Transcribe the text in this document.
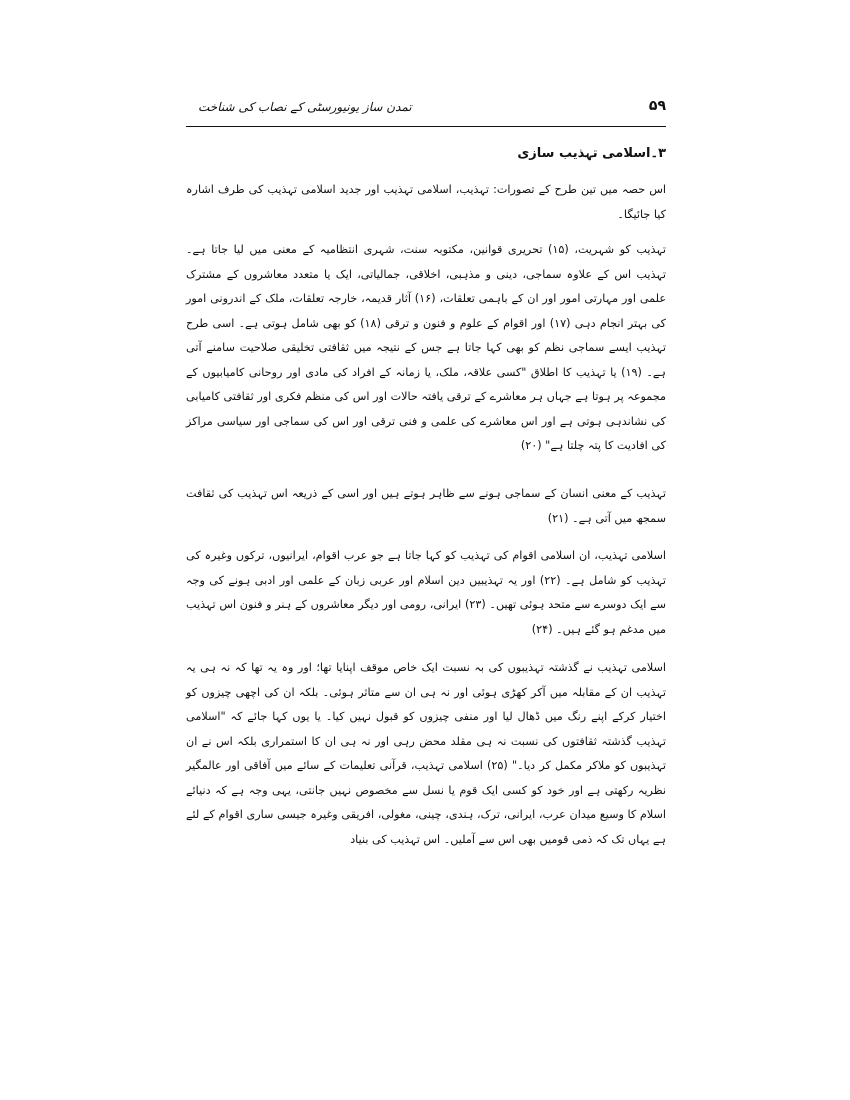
۵۹
تمدن ساز یونیورسٹی کے نصاب کی شناخت
۳۔اسلامی تہذیب سازی
اس حصہ میں تین طرح کے تصورات: تہذیب، اسلامی تہذیب اور جدید اسلامی تہذیب کی طرف اشارہ کیا جائیگا۔
تہذیب کو شہریت، (۱۵) تحریری قوانین، مکتوبہ سنت، شہری انتظامیہ کے معنی میں لیا جاتا ہے۔ تہذیب اس کے علاوہ سماجی، دینی و مذہبی، اخلاقی، جمالیاتی، ایک یا متعدد معاشروں کے مشترک علمی اور مہارتی امور اور ان کے باہمی تعلقات، (۱۶) آثار قدیمہ، خارجہ تعلقات، ملک کے اندرونی امور کی بہتر انجام دہی (۱۷) اور اقوام کے علوم و فنون و ترقی (۱۸) کو بھی شامل ہوتی ہے۔ اسی طرح تہذیب ایسے سماجی نظم کو بھی کہا جاتا ہے جس کے نتیجہ میں ثقافتی تخلیقی صلاحیت سامنے آتی ہے۔ (۱۹) یا تہذیب کا اطلاق "کسی علاقہ، ملک، یا زمانہ کے افراد کی مادی اور روحانی کامیابیوں کے مجموعہ پر ہوتا ہے جہاں ہر معاشرے کے ترقی یافتہ حالات اور اس کی منظم فکری اور ثقافتی کامیابی کی نشاندہی ہوتی ہے اور اس معاشرے کی علمی و فنی ترقی اور اس کی سماجی اور سیاسی مراکز کی افادیت کا پتہ چلتا ہے" (۲۰)
تہذیب کے معنی انسان کے سماجی ہونے سے ظاہر ہوتے ہیں اور اسی کے ذریعہ اس تہذیب کی ثقافت سمجھ میں آتی ہے۔ (۲۱)
اسلامی تہذیب، ان اسلامی اقوام کی تہذیب کو کہا جاتا ہے جو عرب اقوام، ایرانیوں، ترکوں وغیرہ کی تہذیب کو شامل ہے۔ (۲۲) اور یہ تہذیبیں دین اسلام اور عربی زبان کے علمی اور ادبی ہونے کی وجہ سے ایک دوسرے سے متحد ہوئی تھیں۔ (۲۳) ایرانی، رومی اور دیگر معاشروں کے ہنر و فنون اس تہذیب میں مدغم ہو گئے ہیں۔ (۲۴)
اسلامی تہذیب نے گذشتہ تہذیبوں کی بہ نسبت ایک خاص موقف اپنایا تھا؛ اور وہ یہ تھا کہ نہ ہی یہ تہذیب ان کے مقابلہ میں آکر کھڑی ہوئی اور نہ ہی ان سے متاثر ہوئی۔ بلکہ ان کی اچھی چیزوں کو اختیار کرکے اپنے رنگ میں ڈھال لیا اور منفی چیزوں کو قبول نہیں کیا۔ یا یوں کہا جائے کہ "اسلامی تہذیب گذشتہ ثقافتوں کی نسبت نہ ہی مقلد محض رہی اور نہ ہی ان کا استمراری بلکہ اس نے ان تہذیبوں کو ملاکر مکمل کر دیا۔" (۲۵) اسلامی تہذیب، قرآنی تعلیمات کے سائے میں آفاقی اور عالمگیر نظریہ رکھتی ہے اور خود کو کسی ایک قوم یا نسل سے مخصوص نہیں جانتی، یہی وجہ ہے کہ دنیائے اسلام کا وسیع میدان عرب، ایرانی، ترک، ہندی، چینی، مغولی، افریقی وغیرہ جیسی ساری اقوام کے لئے ہے یہاں تک کہ ذمی قومیں بھی اس سے آملیں۔ اس تہذیب کی بنیاد
